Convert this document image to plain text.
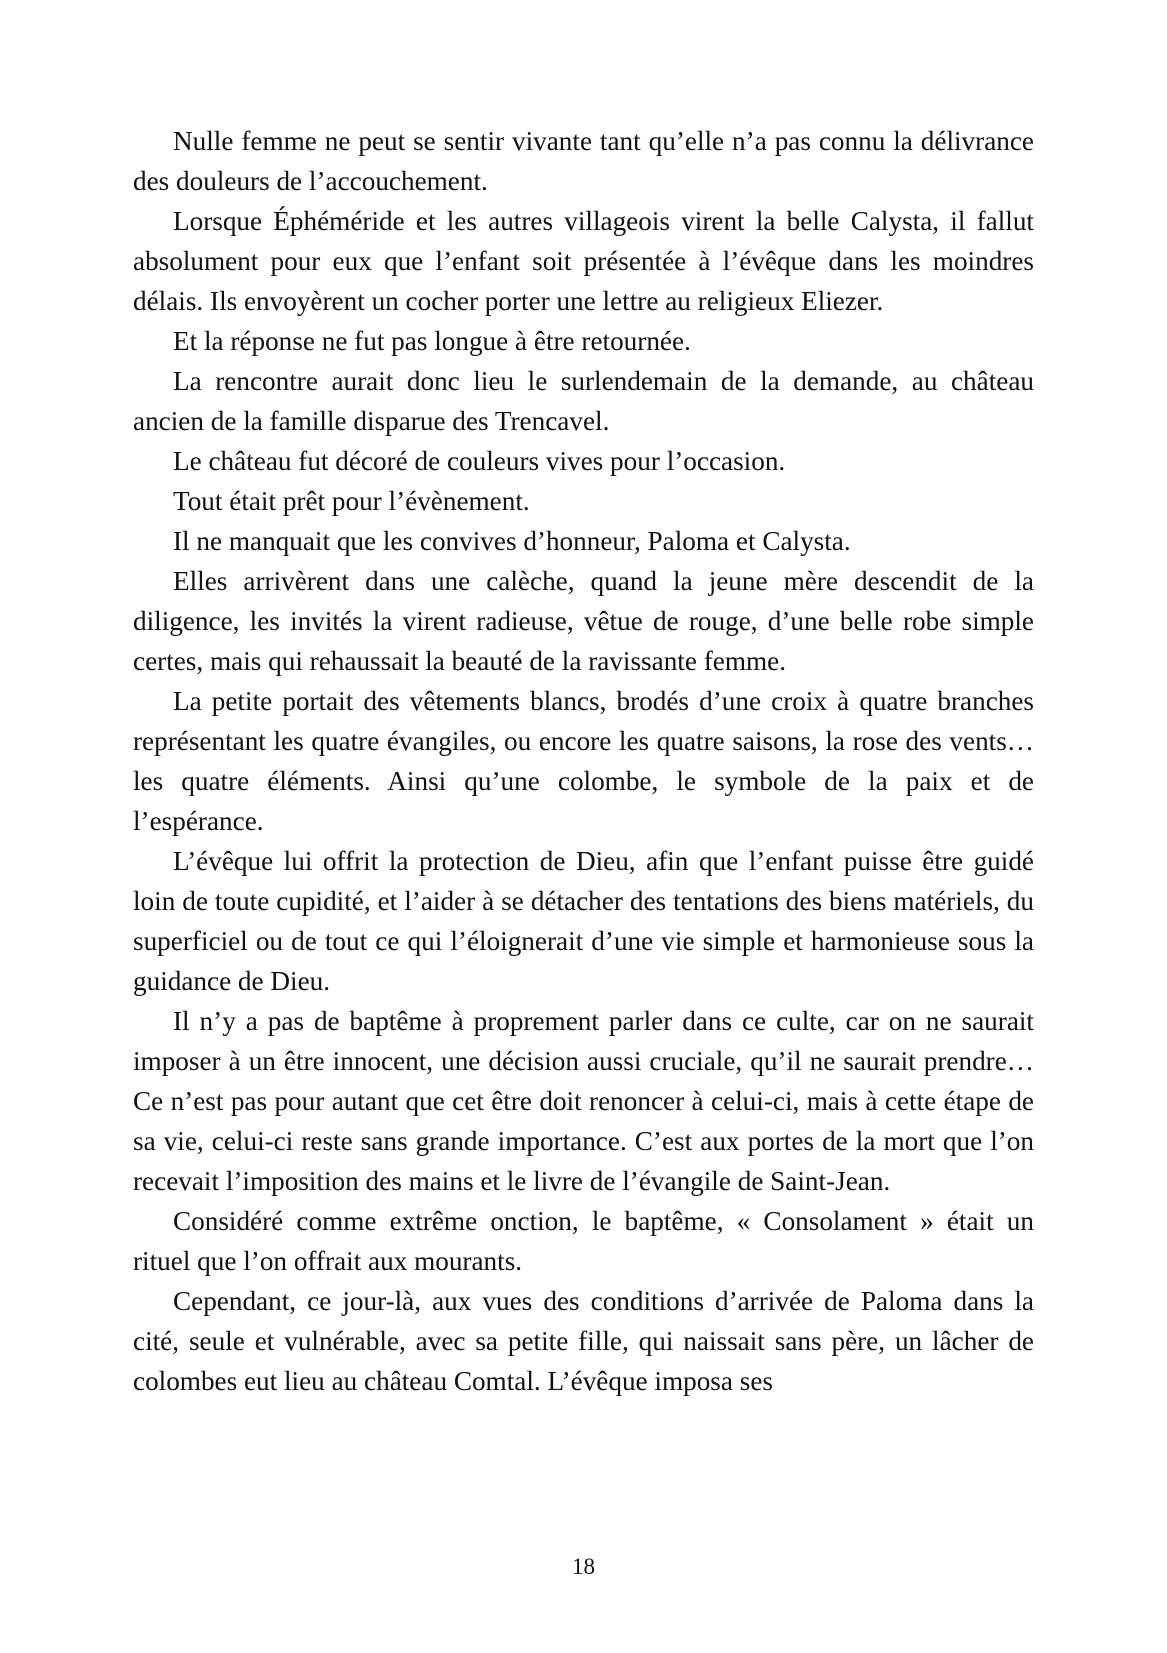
Nulle femme ne peut se sentir vivante tant qu’elle n’a pas connu la délivrance des douleurs de l’accouchement.

Lorsque Éphéméride et les autres villageois virent la belle Calysta, il fallut absolument pour eux que l’enfant soit présentée à l’évêque dans les moindres délais. Ils envoyèrent un cocher porter une lettre au religieux Eliezer.

Et la réponse ne fut pas longue à être retournée.

La rencontre aurait donc lieu le surlendemain de la demande, au château ancien de la famille disparue des Trencavel.

Le château fut décoré de couleurs vives pour l’occasion.

Tout était prêt pour l’évènement.

Il ne manquait que les convives d’honneur, Paloma et Calysta.

Elles arrivèrent dans une calèche, quand la jeune mère descendit de la diligence, les invités la virent radieuse, vêtue de rouge, d’une belle robe simple certes, mais qui rehaussait la beauté de la ravissante femme.

La petite portait des vêtements blancs, brodés d’une croix à quatre branches représentant les quatre évangiles, ou encore les quatre saisons, la rose des vents… les quatre éléments. Ainsi qu’une colombe, le symbole de la paix et de l’espérance.

L’évêque lui offrit la protection de Dieu, afin que l’enfant puisse être guidé loin de toute cupidité, et l’aider à se détacher des tentations des biens matériels, du superficiel ou de tout ce qui l’éloignerait d’une vie simple et harmonieuse sous la guidance de Dieu.

Il n’y a pas de baptême à proprement parler dans ce culte, car on ne saurait imposer à un être innocent, une décision aussi cruciale, qu’il ne saurait prendre… Ce n’est pas pour autant que cet être doit renoncer à celui-ci, mais à cette étape de sa vie, celui-ci reste sans grande importance. C’est aux portes de la mort que l’on recevait l’imposition des mains et le livre de l’évangile de Saint-Jean.

Considéré comme extrême onction, le baptême, « Consolament » était un rituel que l’on offrait aux mourants.

Cependant, ce jour-là, aux vues des conditions d’arrivée de Paloma dans la cité, seule et vulnérable, avec sa petite fille, qui naissait sans père, un lâcher de colombes eut lieu au château Comtal. L’évêque imposa ses

18
